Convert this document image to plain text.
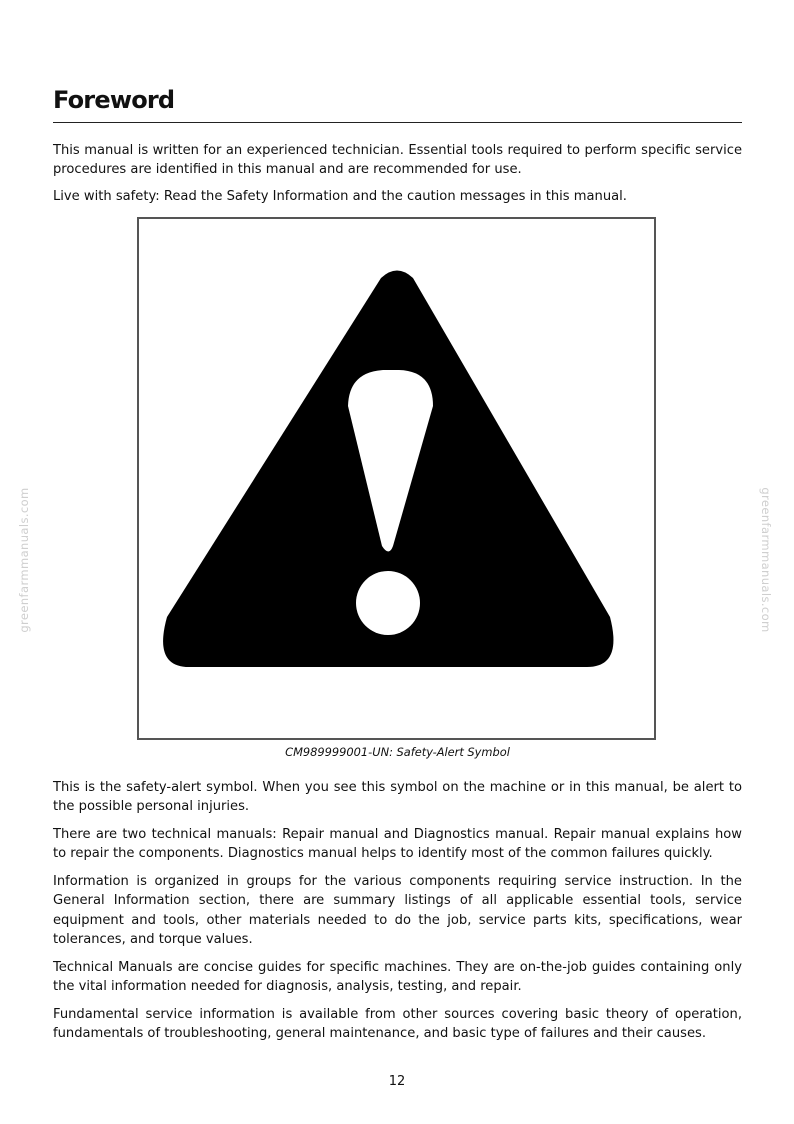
Foreword

This manual is written for an experienced technician. Essential tools required to perform specific service procedures are identified in this manual and are recommended for use.

Live with safety: Read the Safety Information and the caution messages in this manual.

CM989999001-UN: Safety-Alert Symbol

This is the safety-alert symbol. When you see this symbol on the machine or in this manual, be alert to the possible personal injuries.

There are two technical manuals: Repair manual and Diagnostics manual. Repair manual explains how to repair the components. Diagnostics manual helps to identify most of the common failures quickly.

Information is organized in groups for the various components requiring service instruction. In the General Information section, there are summary listings of all applicable essential tools, service equipment and tools, other materials needed to do the job, service parts kits, specifications, wear tolerances, and torque values.

Technical Manuals are concise guides for specific machines. They are on-the-job guides containing only the vital information needed for diagnosis, analysis, testing, and repair.

Fundamental service information is available from other sources covering basic theory of operation, fundamentals of troubleshooting, general maintenance, and basic type of failures and their causes.

greenfarmmanuals.com	greenfarmmanuals.com
12
